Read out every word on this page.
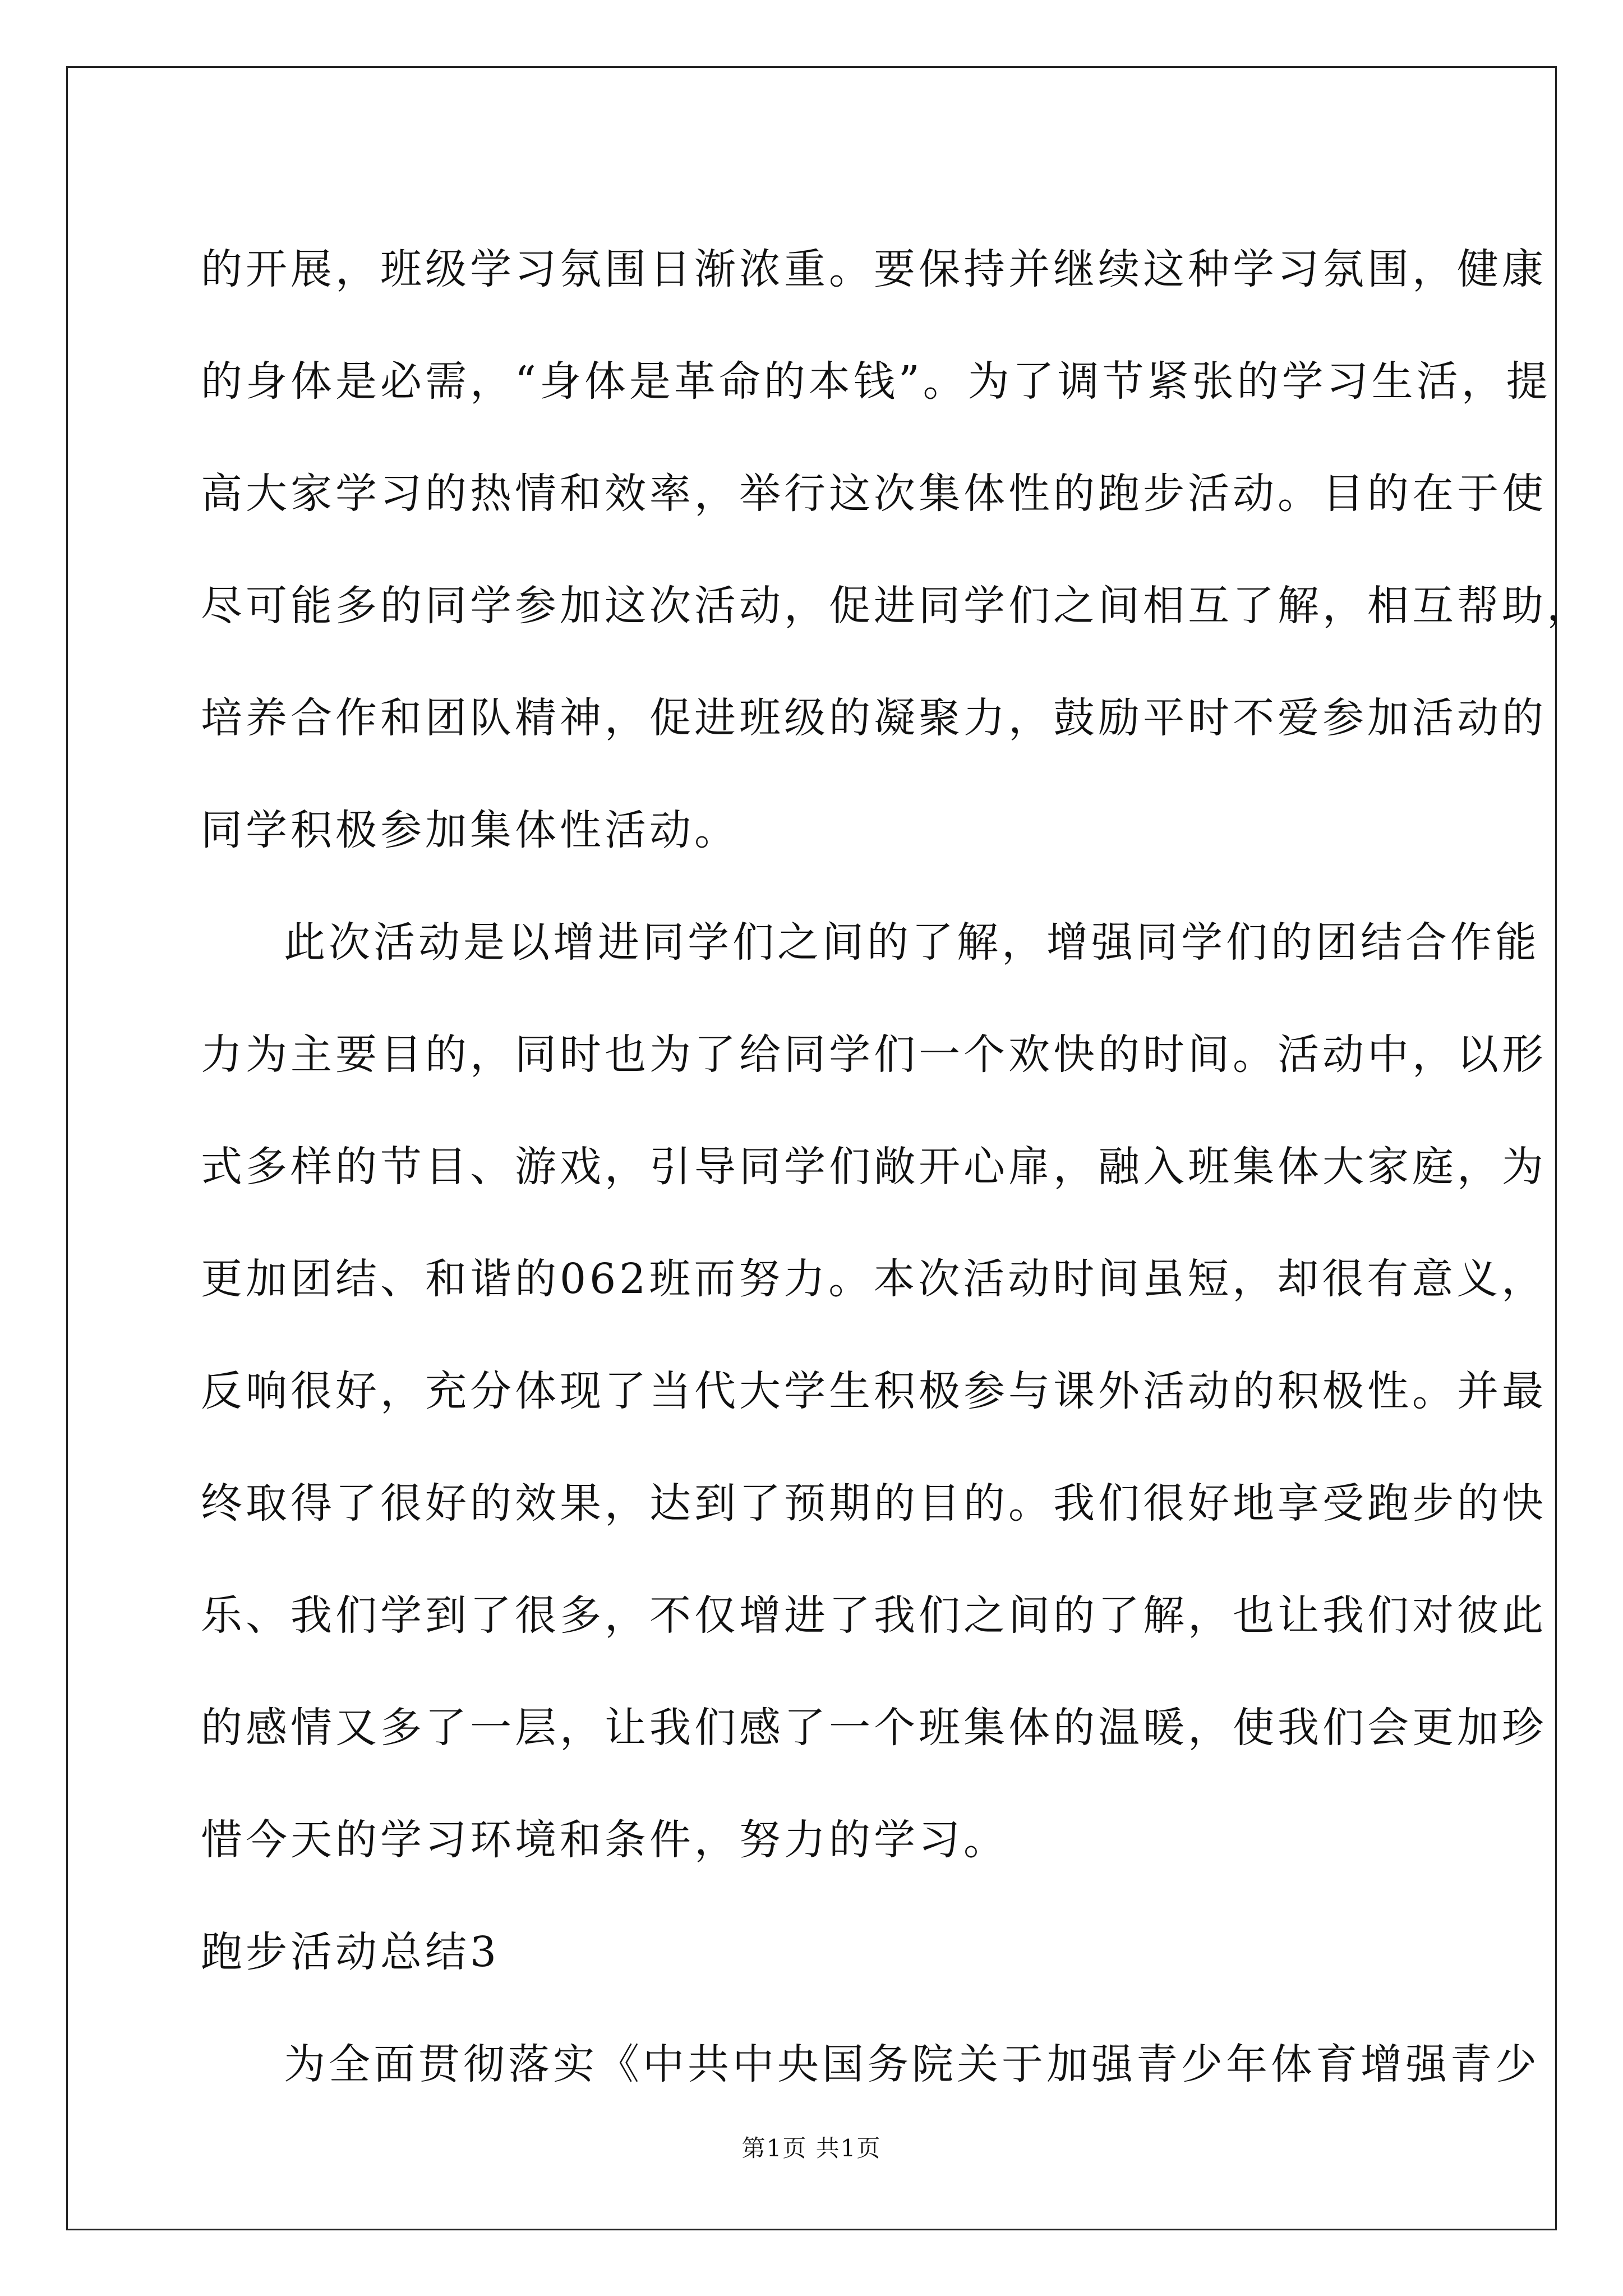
的开展，班级学习氛围日渐浓重。要保持并继续这种学习氛围，健康
的身体是必需，“身体是革命的本钱”。为了调节紧张的学习生活，提
高大家学习的热情和效率，举行这次集体性的跑步活动。目的在于使
尽可能多的同学参加这次活动，促进同学们之间相互了解，相互帮助，
培养合作和团队精神，促进班级的凝聚力，鼓励平时不爱参加活动的
同学积极参加集体性活动。
此次活动是以增进同学们之间的了解，增强同学们的团结合作能
力为主要目的，同时也为了给同学们一个欢快的时间。活动中，以形
式多样的节目、游戏，引导同学们敞开心扉，融入班集体大家庭，为
更加团结、和谐的062班而努力。本次活动时间虽短，却很有意义，
反响很好，充分体现了当代大学生积极参与课外活动的积极性。并最
终取得了很好的效果，达到了预期的目的。我们很好地享受跑步的快
乐、我们学到了很多，不仅增进了我们之间的了解，也让我们对彼此
的感情又多了一层，让我们感了一个班集体的温暖，使我们会更加珍
惜今天的学习环境和条件，努力的学习。
跑步活动总结3
为全面贯彻落实《中共中央国务院关于加强青少年体育增强青少
第1页 共1页
